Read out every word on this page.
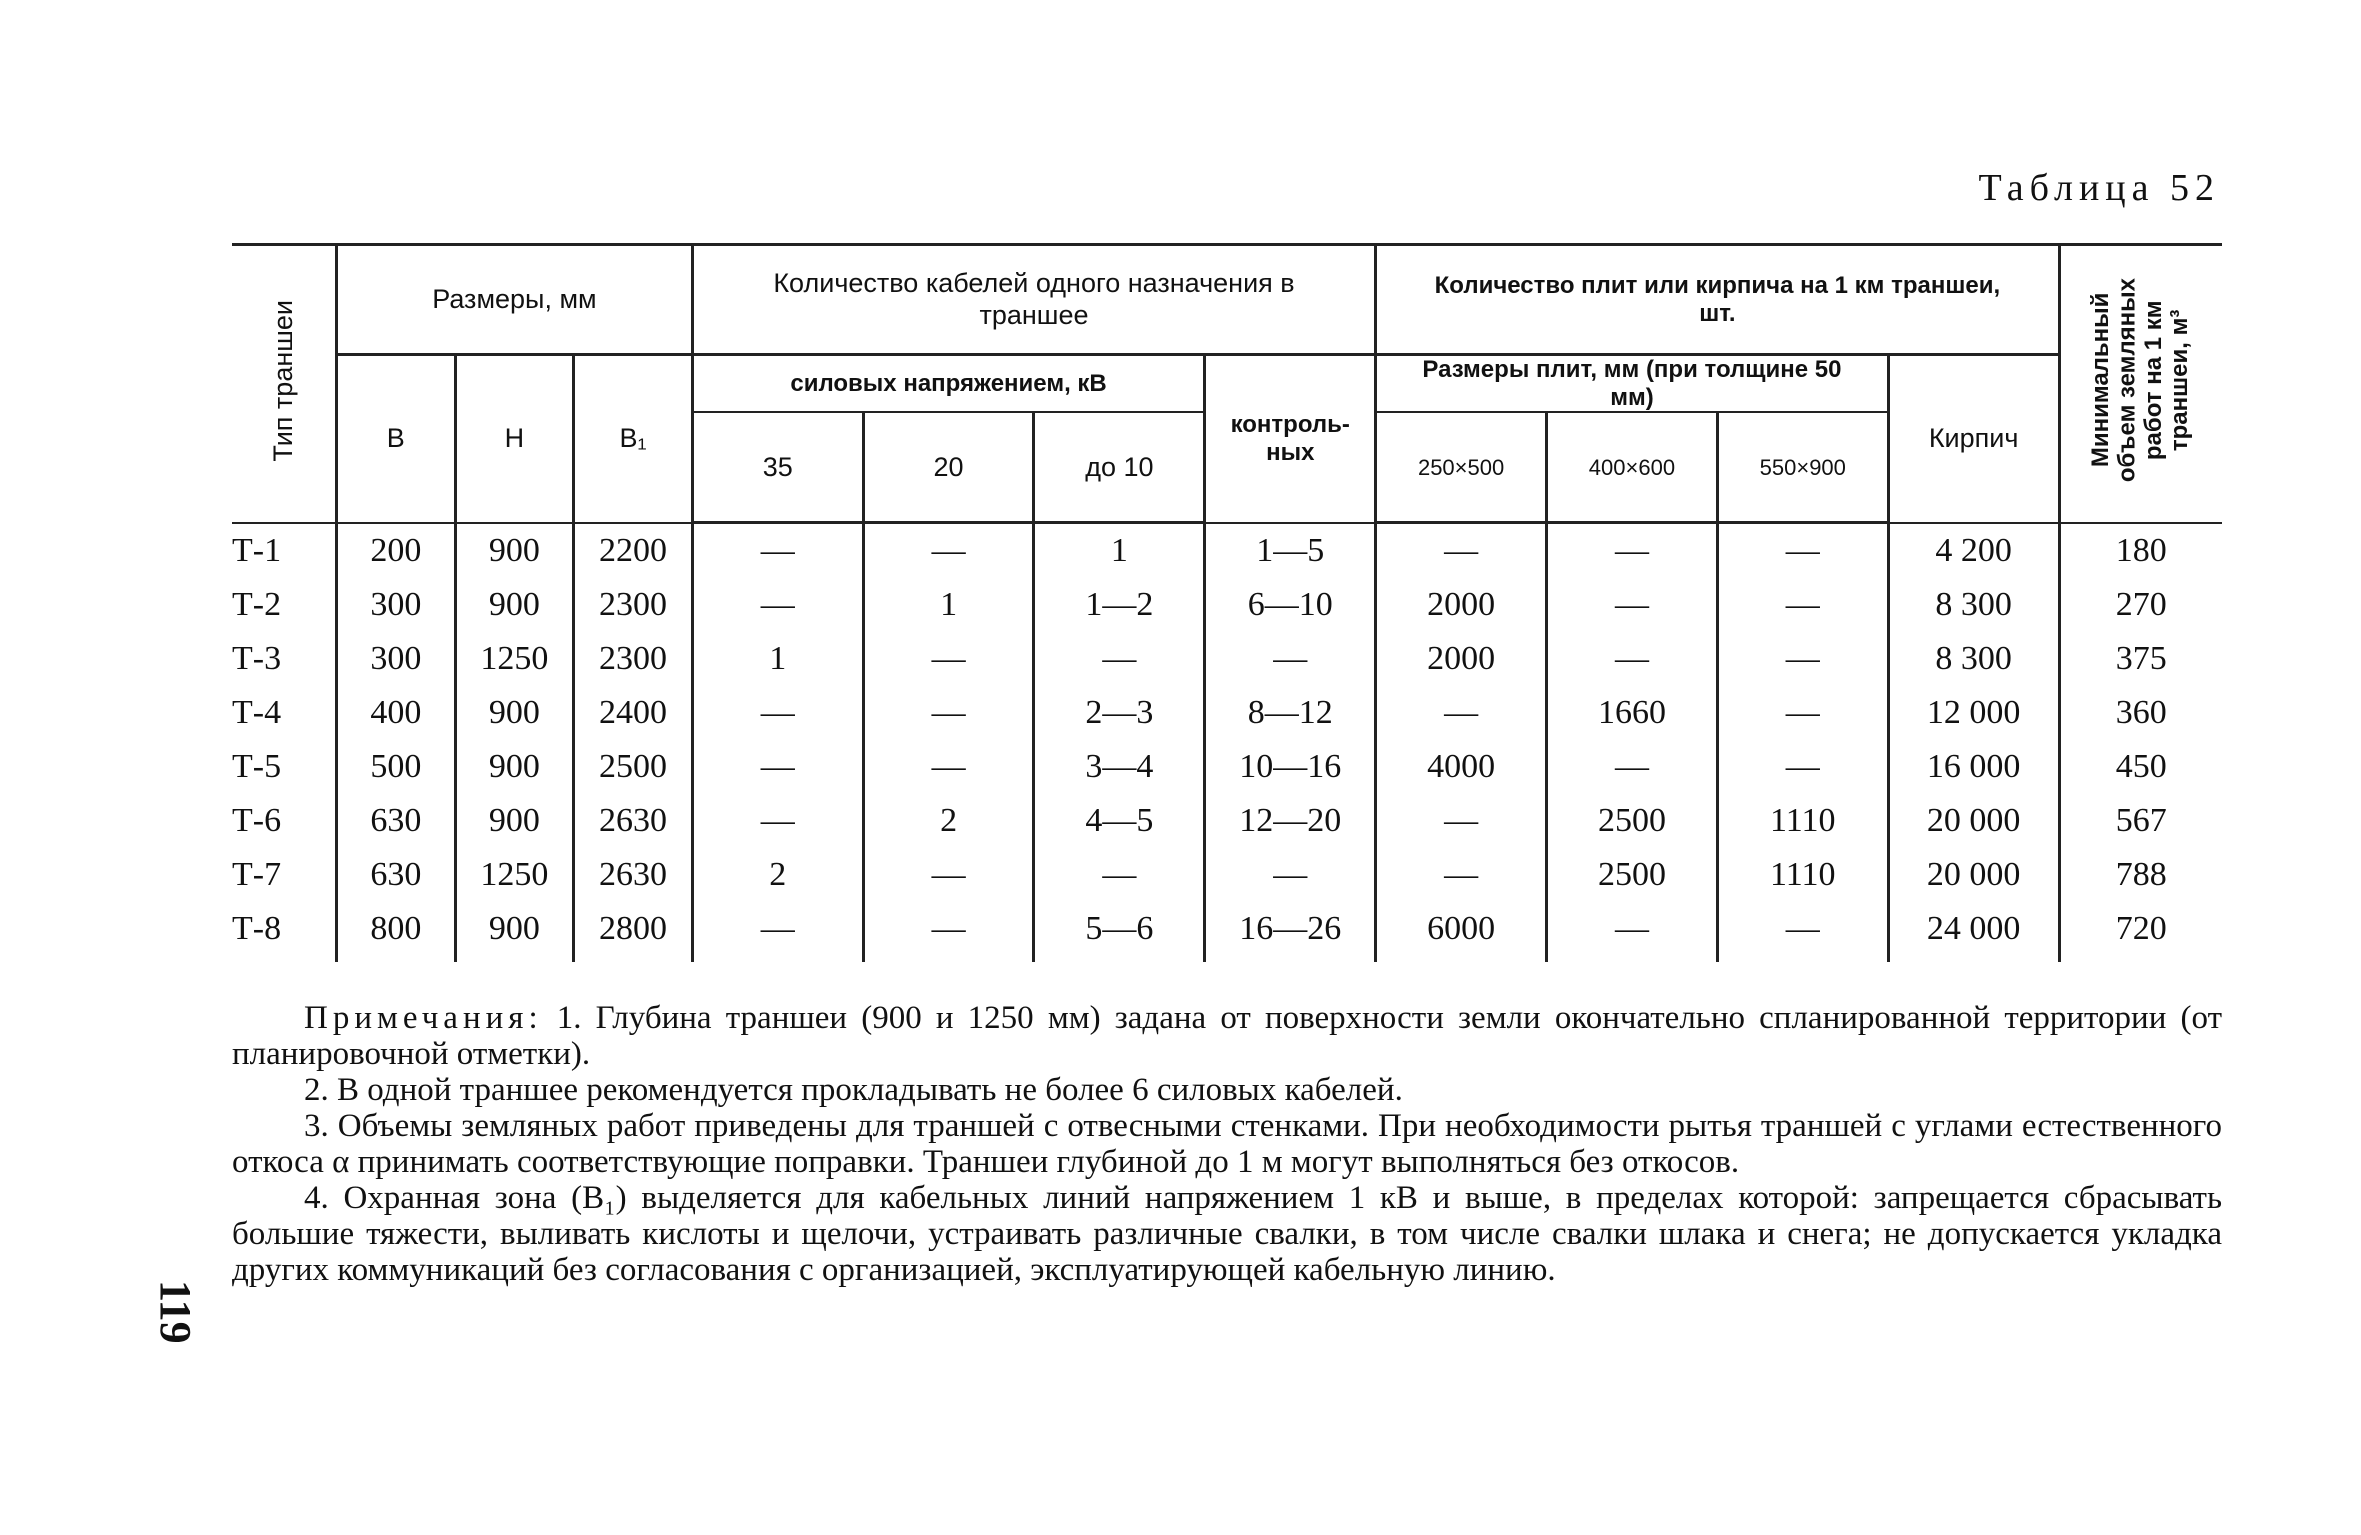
Таблица 52
Тип траншеи	Размеры, мм			Количество кабелей одного назначения в траншее				Количество плит или кирпича на 1 км траншеи, шт.				Минимальный
объем земляных
работ на 1 км
траншеи, м³
	B	H	B₁	силовых напряжением, кВ			контроль-
ных	Размеры плит, мм (при толщине 50 мм)			Кирпич	
				35	20	до 10		250×500	400×600	550×900		
Т-1	200	900	2200	—	—	1	1—5	—	—	—	4 200	180
Т-2	300	900	2300	—	1	1—2	6—10	2000	—	—	8 300	270
Т-3	300	1250	2300	1	—	—	—	2000	—	—	8 300	375
Т-4	400	900	2400	—	—	2—3	8—12	—	1660	—	12 000	360
Т-5	500	900	2500	—	—	3—4	10—16	4000	—	—	16 000	450
Т-6	630	900	2630	—	2	4—5	12—20	—	2500	1110	20 000	567
Т-7	630	1250	2630	2	—	—	—	—	2500	1110	20 000	788
Т-8	800	900	2800	—	—	5—6	16—26	6000	—	—	24 000	720

Примечания: 1. Глубина траншеи (900 и 1250 мм) задана от поверхности земли окончательно спланированной территории (от планировочной отметки).

2. В одной траншее рекомендуется прокладывать не более 6 силовых кабелей.

3. Объемы земляных работ приведены для траншей с отвесными стенками. При необходимости рытья траншей с углами естественного откоса α принимать соответствующие поправки. Траншеи глубиной до 1 м могут выполняться без откосов.

4. Охранная зона (B₁) выделяется для кабельных линий напряжением 1 кВ и выше, в пределах которой: запрещается сбрасывать большие тяжести, выливать кислоты и щелочи, устраивать различные свалки, в том числе свалки шлака и снега; не допускается укладка других коммуникаций без согласования с организацией, эксплуатирующей кабельную линию.

119
